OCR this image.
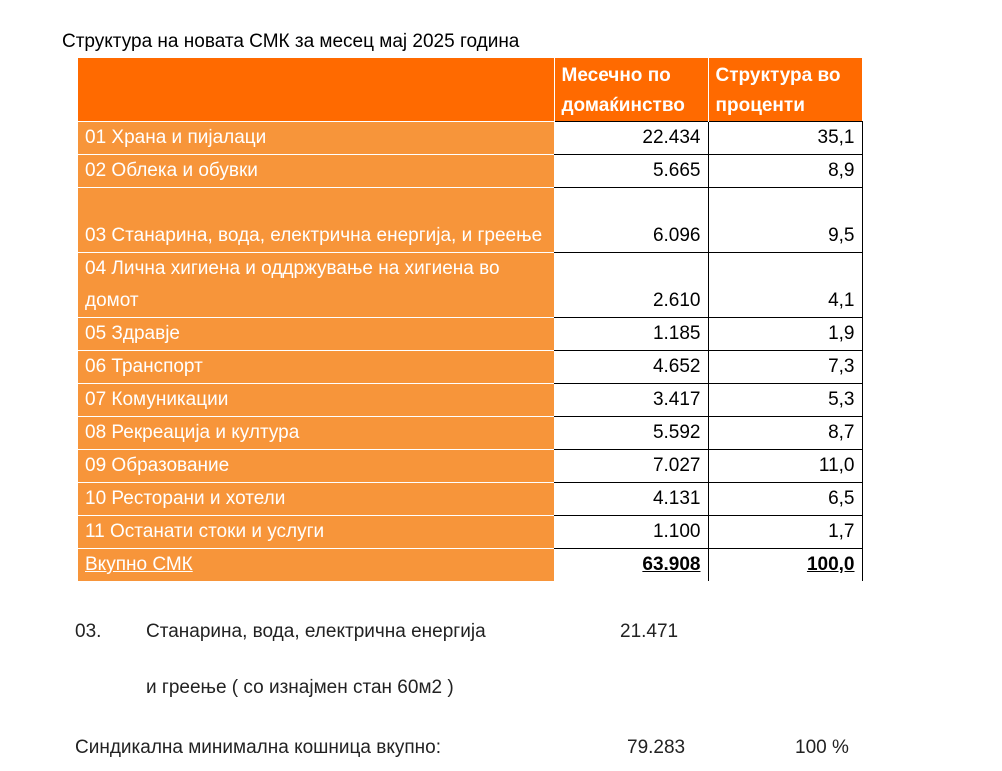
Структура на новата СМК за месец мај 2025 година
	Месечно по домаќинство	Структура во проценти
01 Храна и пијалаци	22.434	35,1
02 Облека и обувки	5.665	8,9
03 Станарина, вода, електрична енергија, и греење	6.096	9,5
04 Лична хигиена и оддржување на хигиена во домот	2.610	4,1
05 Здравје	1.185	1,9
06 Транспорт	4.652	7,3
07 Комуникации	3.417	5,3
08 Рекреација и култура	5.592	8,7
09 Образование	7.027	11,0
10 Ресторани и хотели	4.131	6,5
11 Останати стоки и услуги	1.100	1,7
Вкупно СМК	63.908	100,0
03. Станарина, вода, електрична енергија	21.471
и греење ( со изнајмен стан 60м2 )
Синдикална минимална кошница вкупно:	79.283	100 %
